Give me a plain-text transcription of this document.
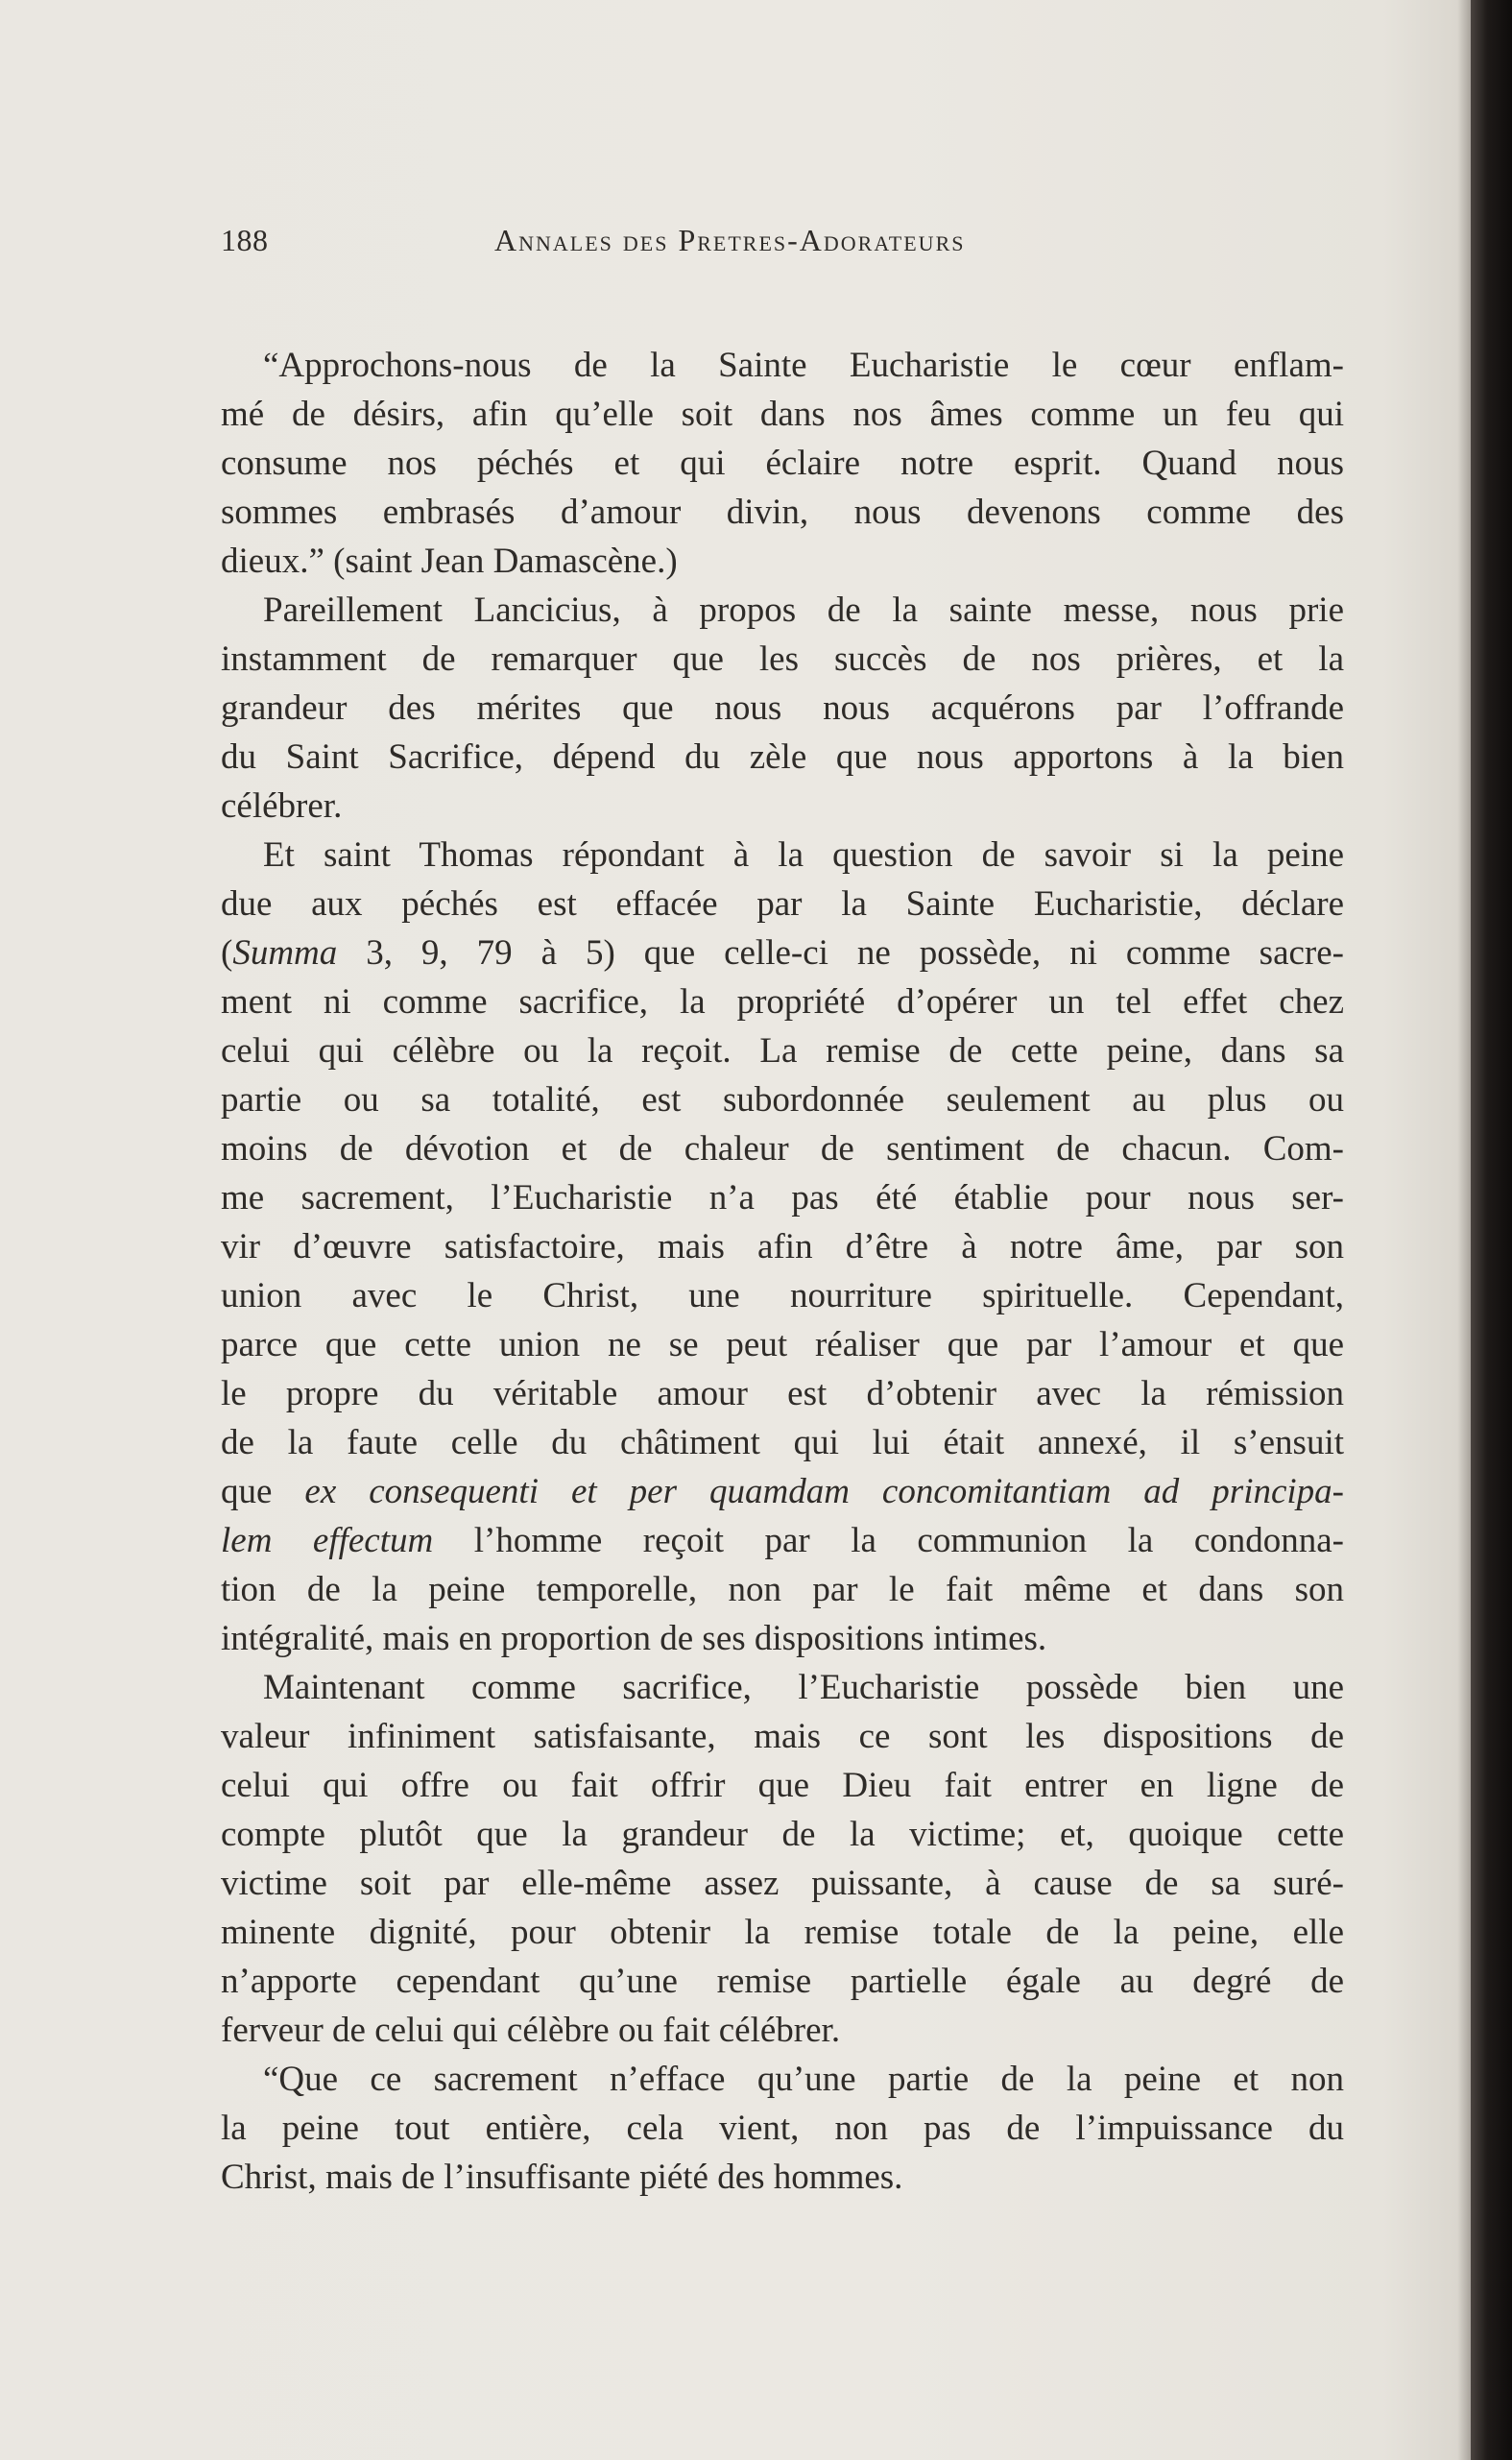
188	Annales des Pretres-Adorateurs
“Approchons-nous de la Sainte Eucharistie le cœur enflam-
mé de désirs, afin qu’elle soit dans nos âmes comme un feu qui
consume nos péchés et qui éclaire notre esprit. Quand nous
sommes embrasés d’amour divin, nous devenons comme des
dieux.” (saint Jean Damascène.)
Pareillement Lancicius, à propos de la sainte messe, nous prie
instamment de remarquer que les succès de nos prières, et la
grandeur des mérites que nous nous acquérons par l’offrande
du Saint Sacrifice, dépend du zèle que nous apportons à la bien
célébrer.
Et saint Thomas répondant à la question de savoir si la peine
due aux péchés est effacée par la Sainte Eucharistie, déclare
(Summa 3, 9, 79 à 5) que celle-ci ne possède, ni comme sacre-
ment ni comme sacrifice, la propriété d’opérer un tel effet chez
celui qui célèbre ou la reçoit. La remise de cette peine, dans sa
partie ou sa totalité, est subordonnée seulement au plus ou
moins de dévotion et de chaleur de sentiment de chacun. Com-
me sacrement, l’Eucharistie n’a pas été établie pour nous ser-
vir d’œuvre satisfactoire, mais afin d’être à notre âme, par son
union avec le Christ, une nourriture spirituelle. Cependant,
parce que cette union ne se peut réaliser que par l’amour et que
le propre du véritable amour est d’obtenir avec la rémission
de la faute celle du châtiment qui lui était annexé, il s’ensuit
que ex consequenti et per quamdam concomitantiam ad principa-
lem effectum l’homme reçoit par la communion la condonna-
tion de la peine temporelle, non par le fait même et dans son
intégralité, mais en proportion de ses dispositions intimes.
Maintenant comme sacrifice, l’Eucharistie possède bien une
valeur infiniment satisfaisante, mais ce sont les dispositions de
celui qui offre ou fait offrir que Dieu fait entrer en ligne de
compte plutôt que la grandeur de la victime; et, quoique cette
victime soit par elle-même assez puissante, à cause de sa suré-
minente dignité, pour obtenir la remise totale de la peine, elle
n’apporte cependant qu’une remise partielle égale au degré de
ferveur de celui qui célèbre ou fait célébrer.
“Que ce sacrement n’efface qu’une partie de la peine et non
la peine tout entière, cela vient, non pas de l’impuissance du
Christ, mais de l’insuffisante piété des hommes.
